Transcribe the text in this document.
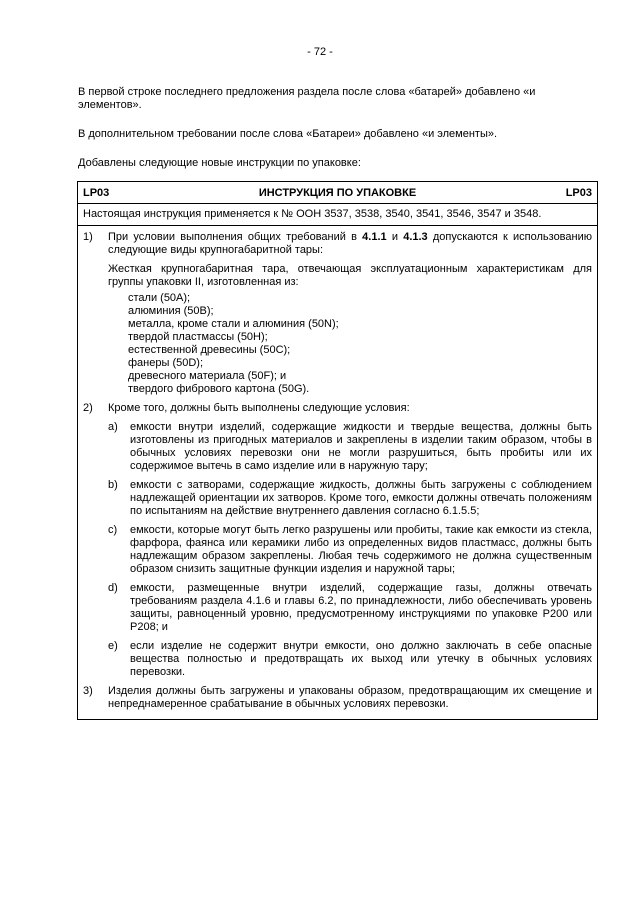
- 72 -
В первой строке последнего предложения раздела после слова «батарей» добавлено «и элементов».
В дополнительном требовании после слова «Батареи» добавлено «и элементы».
Добавлены следующие новые инструкции по упаковке:
LP03	ИНСТРУКЦИЯ ПО УПАКОВКЕ	LP03
Настоящая инструкция применяется к № ООН 3537, 3538, 3540, 3541, 3546, 3547 и 3548.
1)	При условии выполнения общих требований в 4.1.1 и 4.1.3 допускаются к использованию следующие виды крупногабаритной тары:
Жесткая крупногабаритная тара, отвечающая эксплуатационным характеристикам для группы упаковки II, изготовленная из:
стали (50A);
алюминия (50B);
металла, кроме стали и алюминия (50N);
твердой пластмассы (50H);
естественной древесины (50C);
фанеры (50D);
древесного материала (50F); и
твердого фибрового картона (50G).
2)	Кроме того, должны быть выполнены следующие условия:
a)	емкости внутри изделий, содержащие жидкости и твердые вещества, должны быть изготовлены из пригодных материалов и закреплены в изделии таким образом, чтобы в обычных условиях перевозки они не могли разрушиться, быть пробиты или их содержимое вытечь в само изделие или в наружную тару;
b)	емкости с затворами, содержащие жидкость, должны быть загружены с соблюдением надлежащей ориентации их затворов. Кроме того, емкости должны отвечать положениям по испытаниям на действие внутреннего давления согласно 6.1.5.5;
c)	емкости, которые могут быть легко разрушены или пробиты, такие как емкости из стекла, фарфора, фаянса или керамики либо из определенных видов пластмасс, должны быть надлежащим образом закреплены. Любая течь содержимого не должна существенным образом снизить защитные функции изделия и наружной тары;
d)	емкости, размещенные внутри изделий, содержащие газы, должны отвечать требованиям раздела 4.1.6 и главы 6.2, по принадлежности, либо обеспечивать уровень защиты, равноценный уровню, предусмотренному инструкциями по упаковке P200 или P208; и
e)	если изделие не содержит внутри емкости, оно должно заключать в себе опасные вещества полностью и предотвращать их выход или утечку в обычных условиях перевозки.
3)	Изделия должны быть загружены и упакованы образом, предотвращающим их смещение и непреднамеренное срабатывание в обычных условиях перевозки.
